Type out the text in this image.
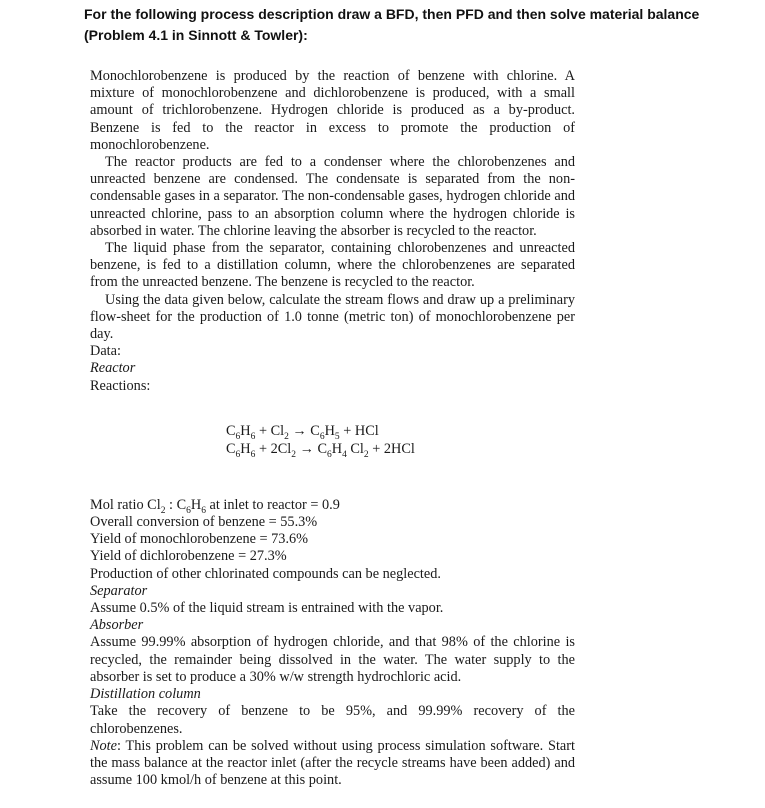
For the following process description draw a BFD, then PFD and then solve material balance (Problem 4.1 in Sinnott & Towler):

Monochlorobenzene is produced by the reaction of benzene with chlorine. A mixture of monochlorobenzene and dichlorobenzene is produced, with a small amount of trichlorobenzene. Hydrogen chloride is produced as a by-product. Benzene is fed to the reactor in excess to promote the production of monochlorobenzene.

The reactor products are fed to a condenser where the chlorobenzenes and unreacted benzene are condensed. The condensate is separated from the non-condensable gases in a separator. The non-condensable gases, hydrogen chloride and unreacted chlorine, pass to an absorption column where the hydrogen chloride is absorbed in water. The chlorine leaving the absorber is recycled to the reactor.

The liquid phase from the separator, containing chlorobenzenes and unreacted benzene, is fed to a distillation column, where the chlorobenzenes are separated from the unreacted benzene. The benzene is recycled to the reactor.

Using the data given below, calculate the stream flows and draw up a preliminary flow-sheet for the production of 1.0 tonne (metric ton) of monochlorobenzene per day.

Data:

Reactor

Reactions:

$C_6H_6 + Cl_2 \to C_6H_5$ + HCl
$C_6H_6 + 2Cl_2 \to C_6H_4$ $Cl_2 + 2HCl$

Mol ratio $Cl_2$ : $C_6H_6$ at inlet to reactor = 0.9

Overall conversion of benzene = 55.3%

Yield of monochlorobenzene = 73.6%

Yield of dichlorobenzene = 27.3%

Production of other chlorinated compounds can be neglected.

Separator

Assume 0.5% of the liquid stream is entrained with the vapor.

Absorber

Assume 99.99% absorption of hydrogen chloride, and that 98% of the chlorine is recycled, the remainder being dissolved in the water. The water supply to the absorber is set to produce a 30% w/w strength hydrochloric acid.

Distillation column

Take the recovery of benzene to be 95%, and 99.99% recovery of the chlorobenzenes.

Note: This problem can be solved without using process simulation software. Start the mass balance at the reactor inlet (after the recycle streams have been added) and assume 100 kmol/h of benzene at this point.
